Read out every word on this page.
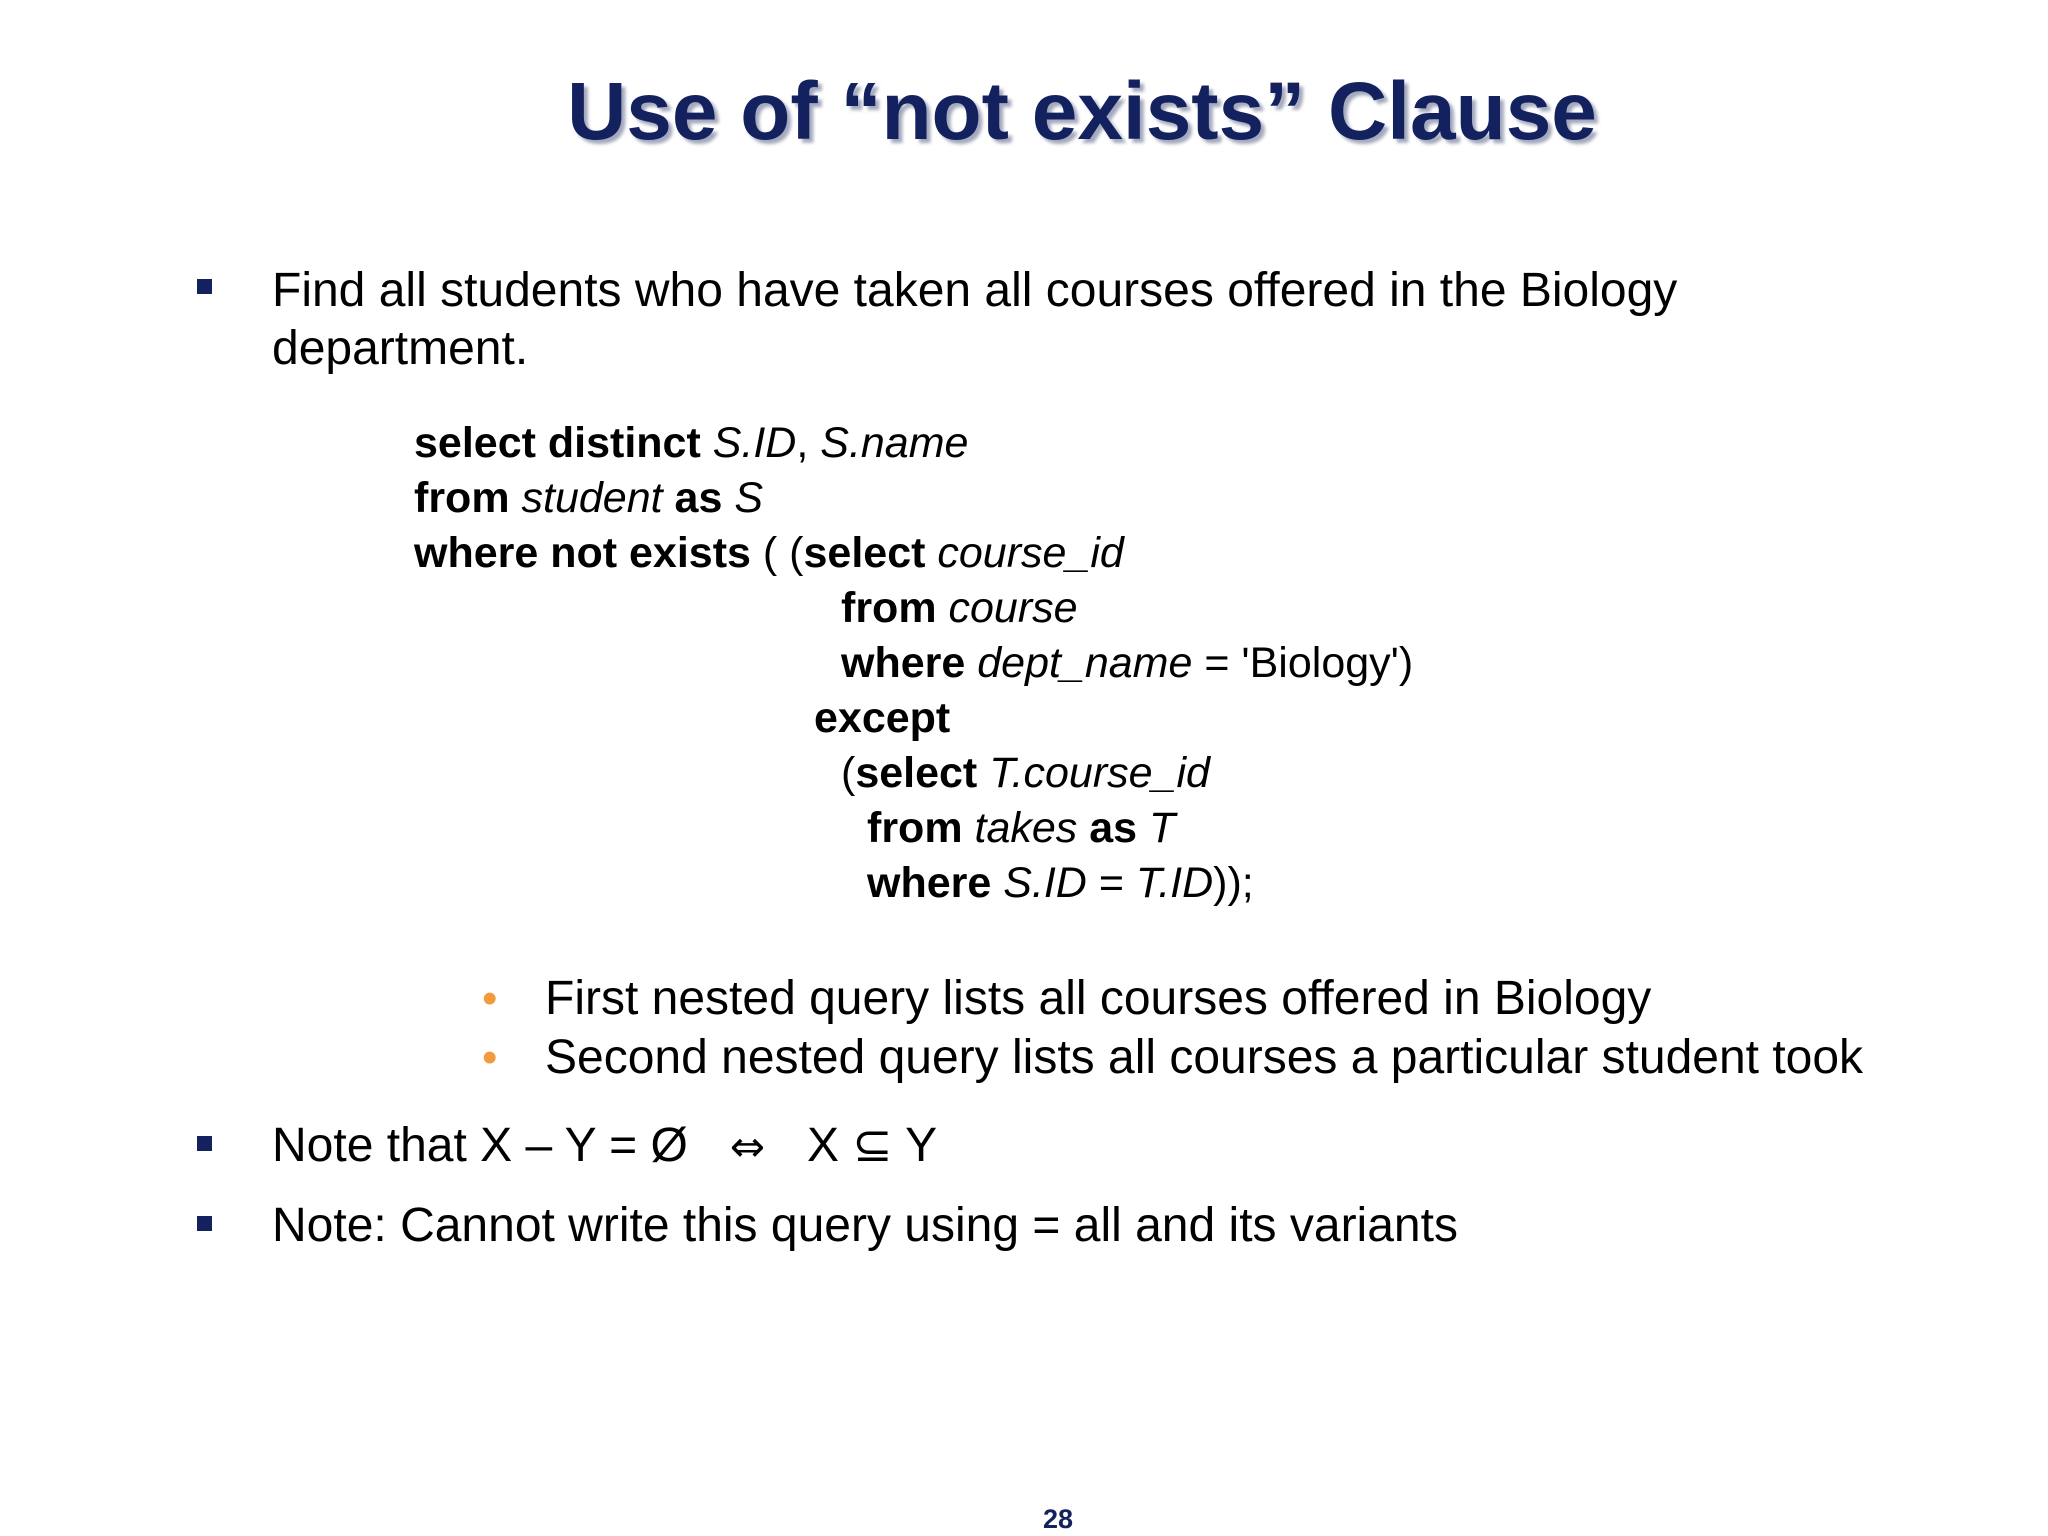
Use of “not exists” Clause
Find all students who have taken all courses offered in the Biology
department.
select distinct S.ID, S.name
from student as S
where not exists ( (select course_id
from course
where dept_name = 'Biology')
except
(select T.course_id
from takes as T
where S.ID = T.ID));
• First nested query lists all courses offered in Biology
• Second nested query lists all courses a particular student took
Note that X – Y = Ø ⇔ X ⊆ Y
Note: Cannot write this query using = all and its variants
28
